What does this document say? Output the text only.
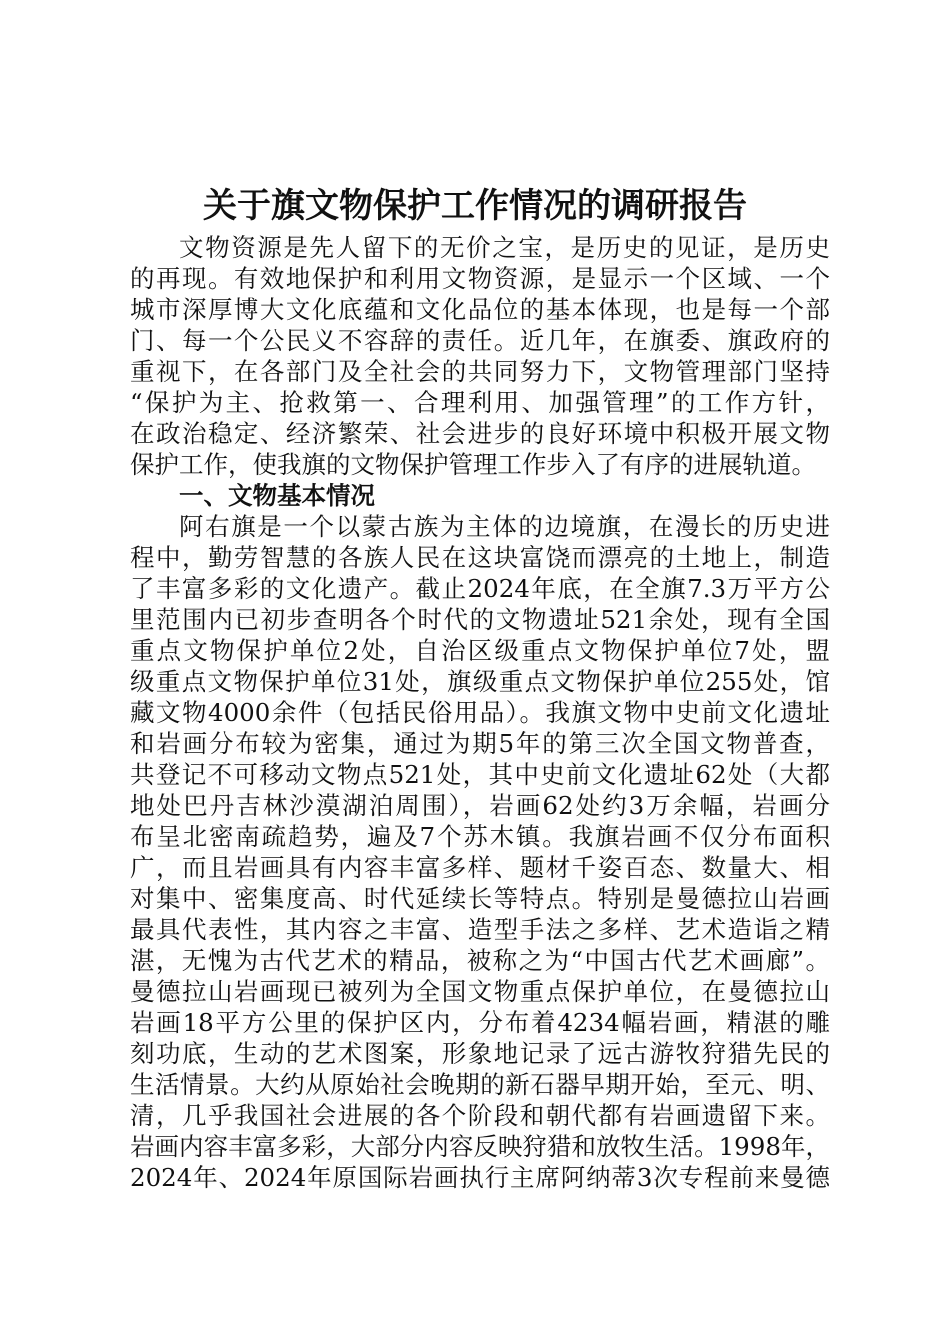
关于旗文物保护工作情况的调研报告
文物资源是先人留下的无价之宝，是历史的见证，是历史
的再现。有效地保护和利用文物资源，是显示一个区域、一个
城市深厚博大文化底蕴和文化品位的基本体现，也是每一个部
门、每一个公民义不容辞的责任。近几年，在旗委、旗政府的
重视下，在各部门及全社会的共同努力下，文物管理部门坚持
“保护为主、抢救第一、合理利用、加强管理”的工作方针，
在政治稳定、经济繁荣、社会进步的良好环境中积极开展文物
保护工作，使我旗的文物保护管理工作步入了有序的进展轨道。
一、文物基本情况
阿右旗是一个以蒙古族为主体的边境旗，在漫长的历史进
程中，勤劳智慧的各族人民在这块富饶而漂亮的土地上，制造
了丰富多彩的文化遗产。截止2024年底，在全旗7.3万平方公
里范围内已初步查明各个时代的文物遗址521余处，现有全国
重点文物保护单位2处，自治区级重点文物保护单位7处，盟
级重点文物保护单位31处，旗级重点文物保护单位255处，馆
藏文物4000余件（包括民俗用品）。我旗文物中史前文化遗址
和岩画分布较为密集，通过为期5年的第三次全国文物普查，
共登记不可移动文物点521处，其中史前文化遗址62处（大都
地处巴丹吉林沙漠湖泊周围），岩画62处约3万余幅，岩画分
布呈北密南疏趋势，遍及7个苏木镇。我旗岩画不仅分布面积
广，而且岩画具有内容丰富多样、题材千姿百态、数量大、相
对集中、密集度高、时代延续长等特点。特别是曼德拉山岩画
最具代表性，其内容之丰富、造型手法之多样、艺术造诣之精
湛，无愧为古代艺术的精品，被称之为“中国古代艺术画廊”。
曼德拉山岩画现已被列为全国文物重点保护单位，在曼德拉山
岩画18平方公里的保护区内，分布着4234幅岩画，精湛的雕
刻功底，生动的艺术图案，形象地记录了远古游牧狩猎先民的
生活情景。大约从原始社会晚期的新石器早期开始，至元、明、
清，几乎我国社会进展的各个阶段和朝代都有岩画遗留下来。
岩画内容丰富多彩，大部分内容反映狩猎和放牧生活。1998年，
2024年、2024年原国际岩画执行主席阿纳蒂3次专程前来曼德
